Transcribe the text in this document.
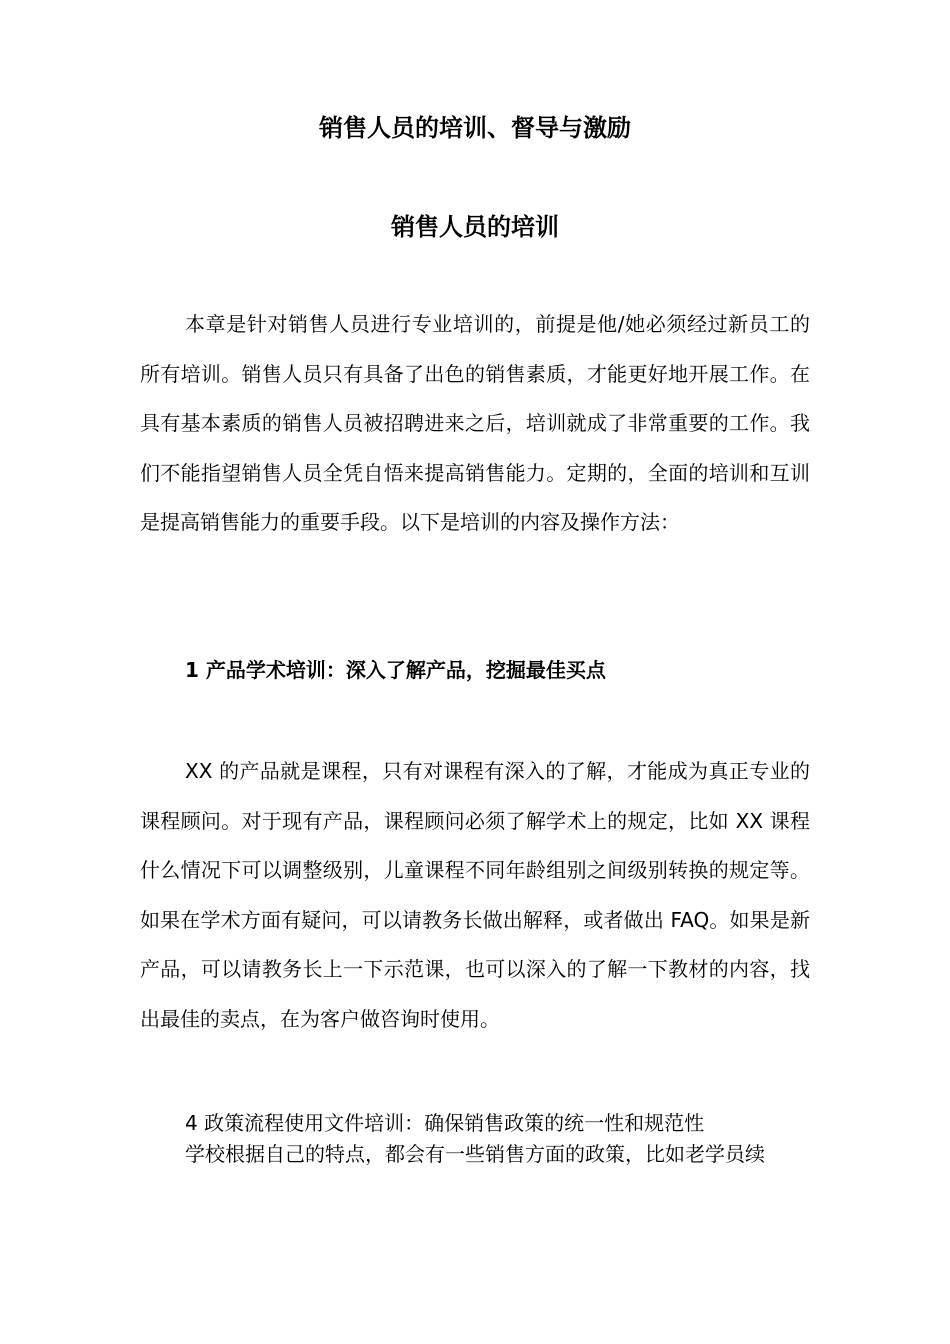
销售人员的培训、督导与激励
销售人员的培训

本章是针对销售人员进行专业培训的，前提是他/她必须经过新员工的所有培训。销售人员只有具备了出色的销售素质，才能更好地开展工作。在具有基本素质的销售人员被招聘进来之后，培训就成了非常重要的工作。我们不能指望销售人员全凭自悟来提高销售能力。定期的，全面的培训和互训是提高销售能力的重要手段。以下是培训的内容及操作方法：

1 产品学术培训：深入了解产品，挖掘最佳买点

XX 的产品就是课程，只有对课程有深入的了解，才能成为真正专业的课程顾问。对于现有产品，课程顾问必须了解学术上的规定，比如 XX 课程什么情况下可以调整级别，儿童课程不同年龄组别之间级别转换的规定等。如果在学术方面有疑问，可以请教务长做出解释，或者做出 FAQ。如果是新产品，可以请教务长上一下示范课，也可以深入的了解一下教材的内容，找出最佳的卖点，在为客户做咨询时使用。

4 政策流程使用文件培训：确保销售政策的统一性和规范性

学校根据自己的特点，都会有一些销售方面的政策，比如老学员续
